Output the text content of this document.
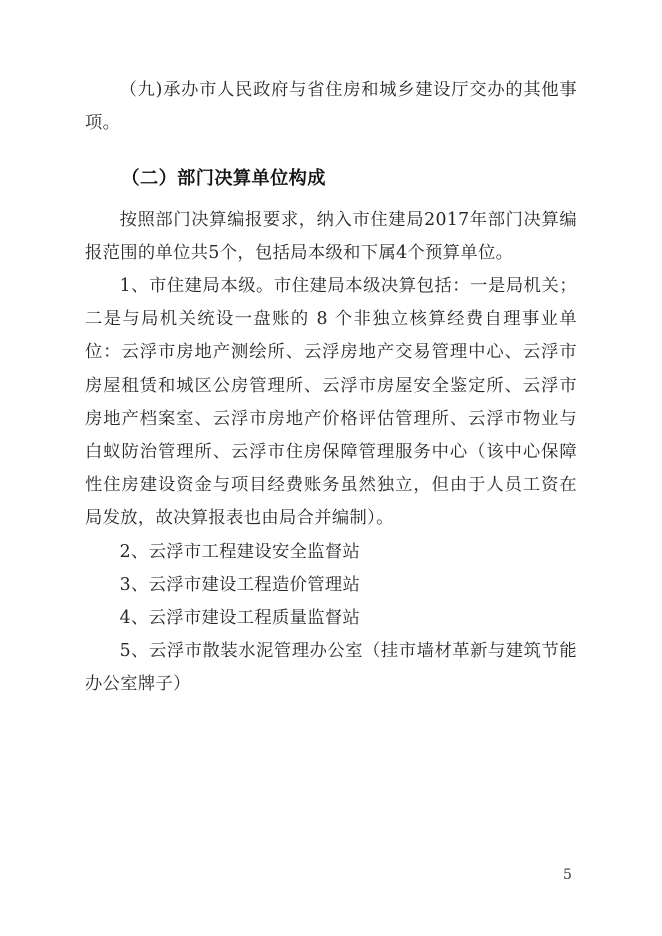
（九)承办市人民政府与省住房和城乡建设厅交办的其他事项。

（二）部门决算单位构成

按照部门决算编报要求，纳入市住建局2017年部门决算编报范围的单位共5个，包括局本级和下属4个预算单位。

1、市住建局本级。市住建局本级决算包括：一是局机关；二是与局机关统设一盘账的 8 个非独立核算经费自理事业单位：云浮市房地产测绘所、云浮房地产交易管理中心、云浮市房屋租赁和城区公房管理所、云浮市房屋安全鉴定所、云浮市房地产档案室、云浮市房地产价格评估管理所、云浮市物业与白蚁防治管理所、云浮市住房保障管理服务中心（该中心保障性住房建设资金与项目经费账务虽然独立，但由于人员工资在局发放，故决算报表也由局合并编制）。

2、云浮市工程建设安全监督站

3、云浮市建设工程造价管理站

4、云浮市建设工程质量监督站

5、云浮市散装水泥管理办公室（挂市墙材革新与建筑节能办公室牌子）

5
